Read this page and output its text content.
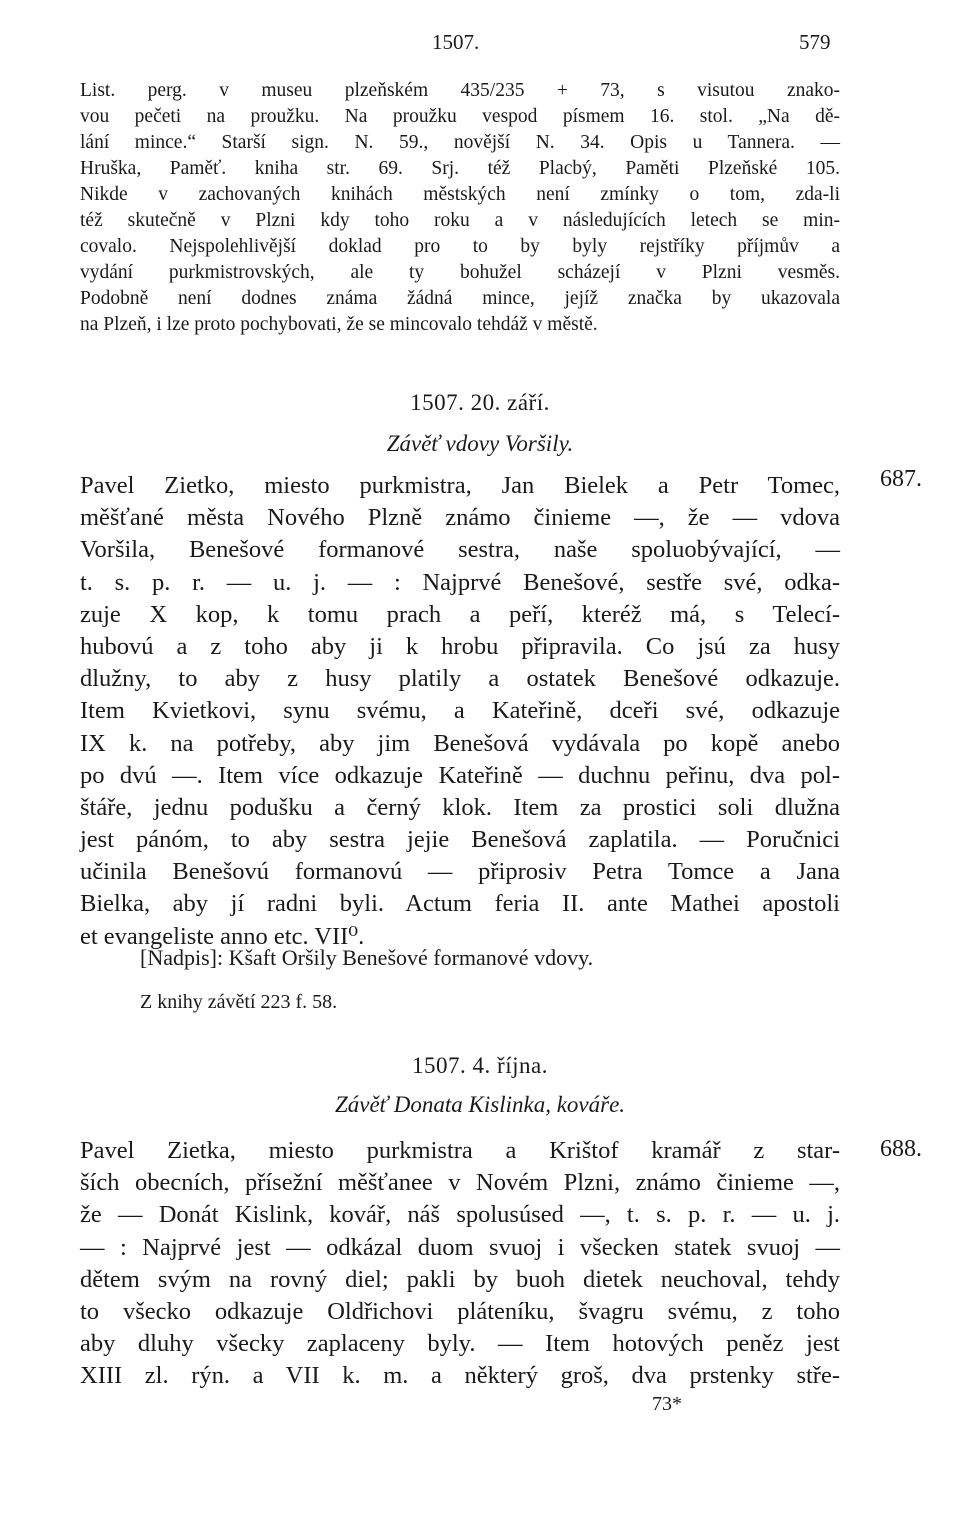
1507.	579
List. perg. v museu plzeňském 435/235 + 73, s visutou znako-
vou pečeti na proužku. Na proužku vespod písmem 16. stol. „Na dě-
lání mince.“ Starší sign. N. 59., novější N. 34. Opis u Tannera. —
Hruška, Paměť. kniha str. 69. Srj. též Placbý, Paměti Plzeňské 105.
Nikde v zachovaných knihách městských není zmínky o tom, zda-li
též skutečně v Plzni kdy toho roku a v následujících letech se min-
covalo. Nejspolehlivější doklad pro to by byly rejstříky příjmův a
vydání purkmistrovských, ale ty bohužel scházejí v Plzni vesměs.
Podobně není dodnes známa žádná mince, jejíž značka by ukazovala
na Plzeň, i lze proto pochybovati, že se mincovalo tehdáž v městě.
1507. 20. září.
Závěť vdovy Voršily.
687.
Pavel Zietko, miesto purkmistra, Jan Bielek a Petr Tomec,
měšťané města Nového Plzně známo činieme —, že — vdova
Voršila, Benešové formanové sestra, naše spoluobývající, —
t. s. p. r. — u. j. — : Najprvé Benešové, sestře své, odka-
zuje X kop, k tomu prach a peří, kteréž má, s Telecí-
hubovú a z toho aby ji k hrobu připravila. Co jsú za husy
dlužny, to aby z husy platily a ostatek Benešové odkazuje.
Item Kvietkovi, synu svému, a Kateřině, dceři své, odkazuje
IX k. na potřeby, aby jim Benešová vydávala po kopě anebo
po dvú —. Item více odkazuje Kateřině — duchnu peřinu, dva pol-
štáře, jednu podušku a černý klok. Item za prostici soli dlužna
jest pánóm, to aby sestra jejie Benešová zaplatila. — Poručnici
učinila Benešovú formanovú — připrosiv Petra Tomce a Jana
Bielka, aby jí radni byli. Actum feria II. ante Mathei apostoli
et evangeliste anno etc. VII⁰.
[Nadpis]: Kšaft Oršily Benešové formanové vdovy.
Z knihy závětí 223 f. 58.
1507. 4. října.
Závěť Donata Kislinka, kováře.
688.
Pavel Zietka, miesto purkmistra a Krištof kramář z star-
ších obecních, přísežní měšťanee v Novém Plzni, známo činieme —,
že — Donát Kislink, kovář, náš spolusúsed —, t. s. p. r. — u. j.
— : Najprvé jest — odkázal duom svuoj i všecken statek svuoj —
dětem svým na rovný diel; pakli by buoh dietek neuchoval, tehdy
to všecko odkazuje Oldřichovi pláteníku, švagru svému, z toho
aby dluhy všecky zaplaceny byly. — Item hotových peněz jest
XIII zl. rýn. a VII k. m. a některý groš, dva prstenky stře-
73*
